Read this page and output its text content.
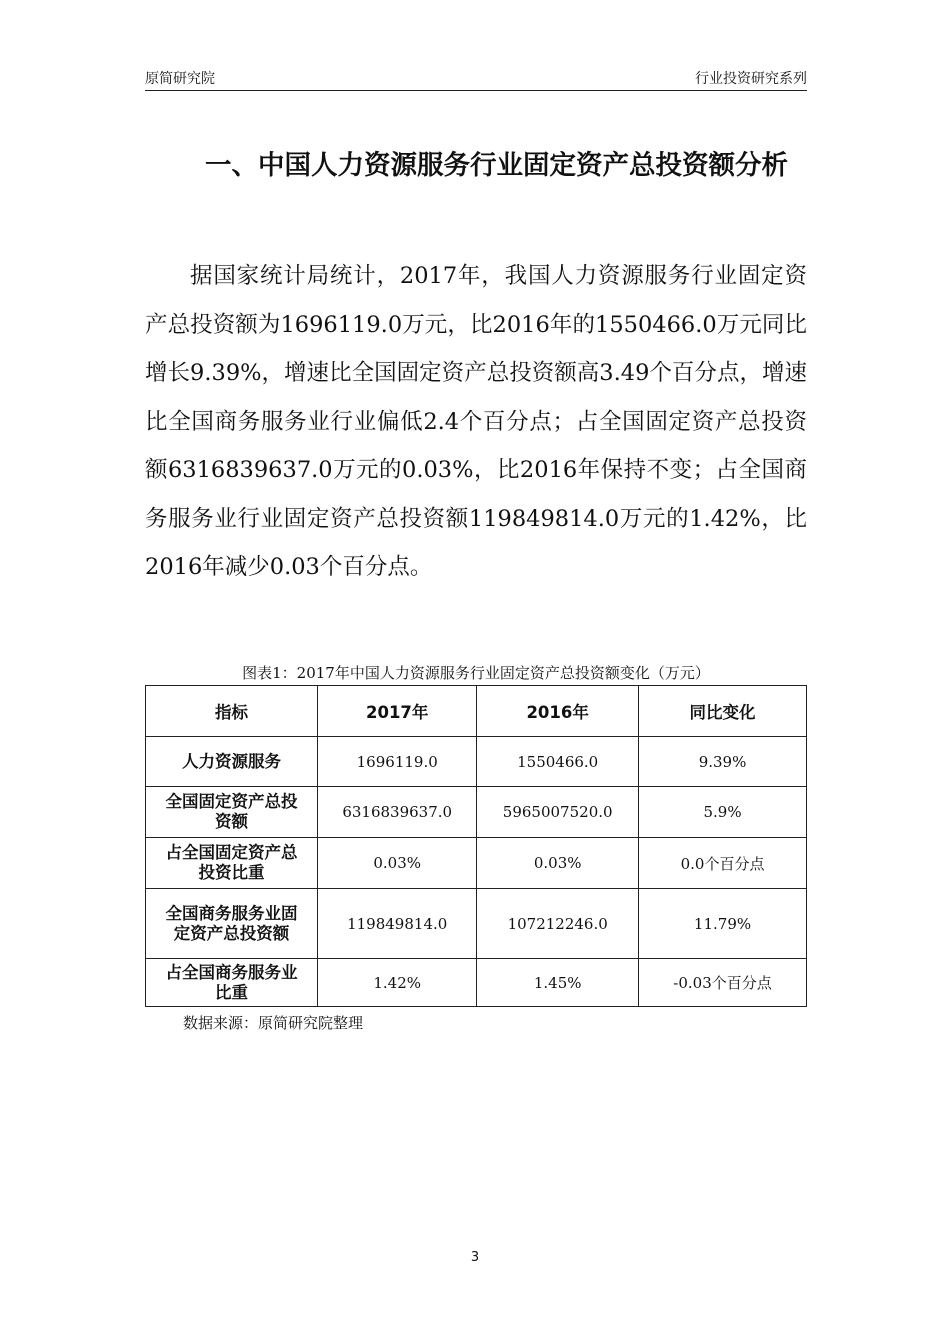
原简研究院	行业投资研究系列
一、中国人力资源服务行业固定资产总投资额分析
据国家统计局统计，2017年，我国人力资源服务行业固定资产总投资额为1696119.0万元，比2016年的1550466.0万元同比增长9.39%，增速比全国固定资产总投资额高3.49个百分点，增速比全国商务服务业行业偏低2.4个百分点；占全国固定资产总投资额6316839637.0万元的0.03%，比2016年保持不变；占全国商务服务业行业固定资产总投资额119849814.0万元的1.42%，比2016年减少0.03个百分点。
图表1：2017年中国人力资源服务行业固定资产总投资额变化（万元）
指标	2017年	2016年	同比变化
人力资源服务	1696119.0	1550466.0	9.39%

全国固定资产总投资额	6316839637.0	5965007520.0	5.9%

占全国固定资产总投资比重	0.03%	0.03%	0.0个百分点

全国商务服务业固定资产总投资额	119849814.0	107212246.0	11.79%

占全国商务服务业比重	1.42%	1.45%	-0.03个百分点
数据来源：原简研究院整理
3
